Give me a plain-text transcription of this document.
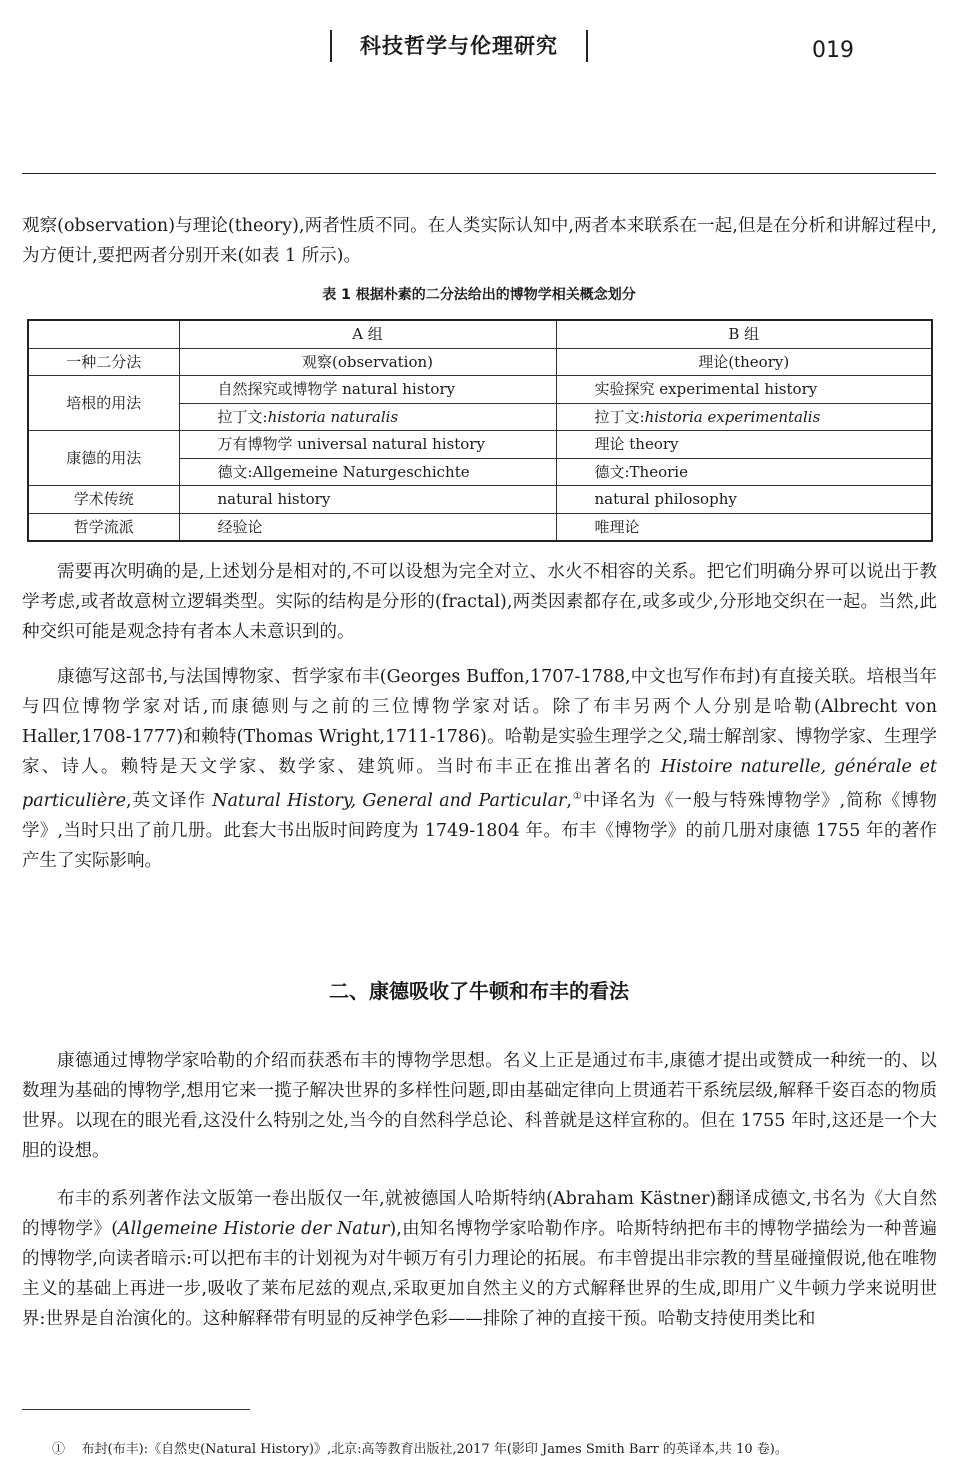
科技哲学与伦理研究	019

观察(observation)与理论(theory),两者性质不同。在人类实际认知中,两者本来联系在一起,但是在分析和讲解过程中,为方便计,要把两者分别开来(如表 1 所示)。

表 1 根据朴素的二分法给出的博物学相关概念划分
	A 组	B 组
一种二分法	观察(observation)	理论(theory)
培根的用法	自然探究或博物学 natural history	实验探究 experimental history
	拉丁文:historia naturalis	拉丁文:historia experimentalis
康德的用法	万有博物学 universal natural history	理论 theory
	德文:Allgemeine Naturgeschichte	德文:Theorie
学术传统	natural history	natural philosophy
哲学流派	经验论	唯理论

需要再次明确的是,上述划分是相对的,不可以设想为完全对立、水火不相容的关系。把它们明确分界可以说出于教学考虑,或者故意树立逻辑类型。实际的结构是分形的(fractal),两类因素都存在,或多或少,分形地交织在一起。当然,此种交织可能是观念持有者本人未意识到的。

康德写这部书,与法国博物家、哲学家布丰(Georges Buffon,1707-1788,中文也写作布封)有直接关联。培根当年与四位博物学家对话,而康德则与之前的三位博物学家对话。除了布丰另两个人分别是哈勒(Albrecht von Haller,1708-1777)和赖特(Thomas Wright,1711-1786)。哈勒是实验生理学之父,瑞士解剖家、博物学家、生理学家、诗人。赖特是天文学家、数学家、建筑师。当时布丰正在推出著名的 Histoire naturelle, générale et particulière,英文译作 Natural History, General and Particular,①中译名为《一般与特殊博物学》,简称《博物学》,当时只出了前几册。此套大书出版时间跨度为 1749-1804 年。布丰《博物学》的前几册对康德 1755 年的著作产生了实际影响。

二、康德吸收了牛顿和布丰的看法

康德通过博物学家哈勒的介绍而获悉布丰的博物学思想。名义上正是通过布丰,康德才提出或赞成一种统一的、以数理为基础的博物学,想用它来一揽子解决世界的多样性问题,即由基础定律向上贯通若干系统层级,解释千姿百态的物质世界。以现在的眼光看,这没什么特别之处,当今的自然科学总论、科普就是这样宣称的。但在 1755 年时,这还是一个大胆的设想。

布丰的系列著作法文版第一卷出版仅一年,就被德国人哈斯特纳(Abraham Kästner)翻译成德文,书名为《大自然的博物学》(Allgemeine Historie der Natur),由知名博物学家哈勒作序。哈斯特纳把布丰的博物学描绘为一种普遍的博物学,向读者暗示:可以把布丰的计划视为对牛顿万有引力理论的拓展。布丰曾提出非宗教的彗星碰撞假说,他在唯物主义的基础上再进一步,吸收了莱布尼兹的观点,采取更加自然主义的方式解释世界的生成,即用广义牛顿力学来说明世界:世界是自治演化的。这种解释带有明显的反神学色彩——排除了神的直接干预。哈勒支持使用类比和

① 布封(布丰):《自然史(Natural History)》,北京:高等教育出版社,2017 年(影印 James Smith Barr 的英译本,共 10 卷)。
